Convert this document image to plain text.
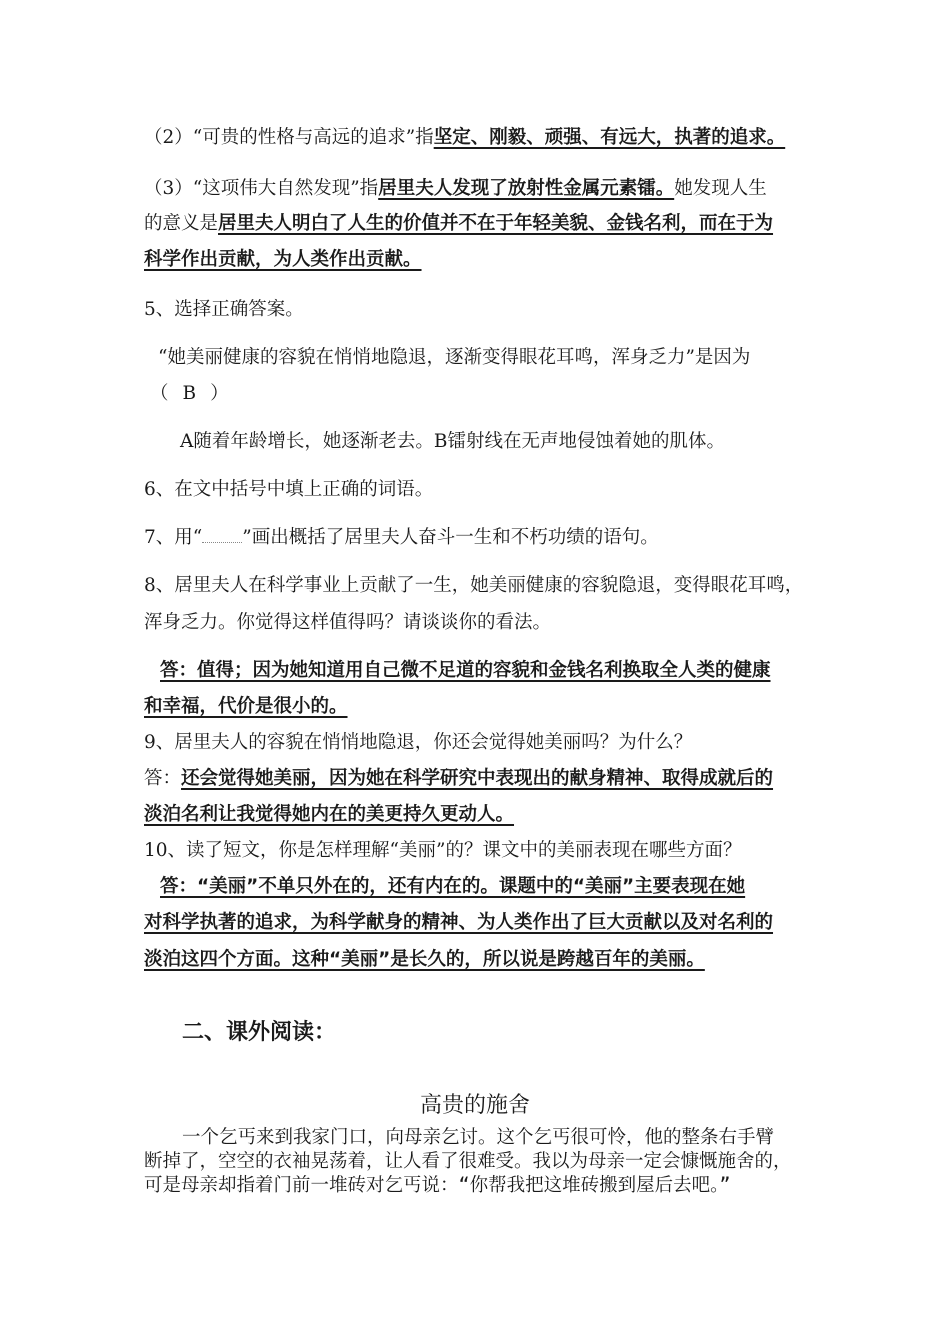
（2）“可贵的性格与高远的追求”指坚定、刚毅、顽强、有远大，执著的追求。
（3）“这项伟大自然发现”指居里夫人发现了放射性金属元素镭。她发现人生
的意义是居里夫人明白了人生的价值并不在于年轻美貌、金钱名利，而在于为
科学作出贡献，为人类作出贡献。
5、选择正确答案。
“她美丽健康的容貌在悄悄地隐退，逐渐变得眼花耳鸣，浑身乏力”是因为
（ B ）
A随着年龄增长，她逐渐老去。B镭射线在无声地侵蚀着她的肌体。
6、在文中括号中填上正确的词语。
7、用“ ”画出概括了居里夫人奋斗一生和不朽功绩的语句。
8、居里夫人在科学事业上贡献了一生，她美丽健康的容貌隐退，变得眼花耳鸣，
浑身乏力。你觉得这样值得吗？请谈谈你的看法。
答：值得；因为她知道用自己微不足道的容貌和金钱名利换取全人类的健康
和幸福，代价是很小的。
9、居里夫人的容貌在悄悄地隐退，你还会觉得她美丽吗？为什么？
答：还会觉得她美丽，因为她在科学研究中表现出的献身精神、取得成就后的
淡泊名利让我觉得她内在的美更持久更动人。
10、读了短文，你是怎样理解“美丽”的？课文中的美丽表现在哪些方面？
答：“美丽”不单只外在的，还有内在的。课题中的“美丽”主要表现在她
对科学执著的追求，为科学献身的精神、为人类作出了巨大贡献以及对名利的
淡泊这四个方面。这种“美丽”是长久的，所以说是跨越百年的美丽。
二、课外阅读：
高贵的施舍
一个乞丐来到我家门口，向母亲乞讨。这个乞丐很可怜，他的整条右手臂
断掉了，空空的衣袖晃荡着，让人看了很难受。我以为母亲一定会慷慨施舍的，
可是母亲却指着门前一堆砖对乞丐说：“你帮我把这堆砖搬到屋后去吧。”
